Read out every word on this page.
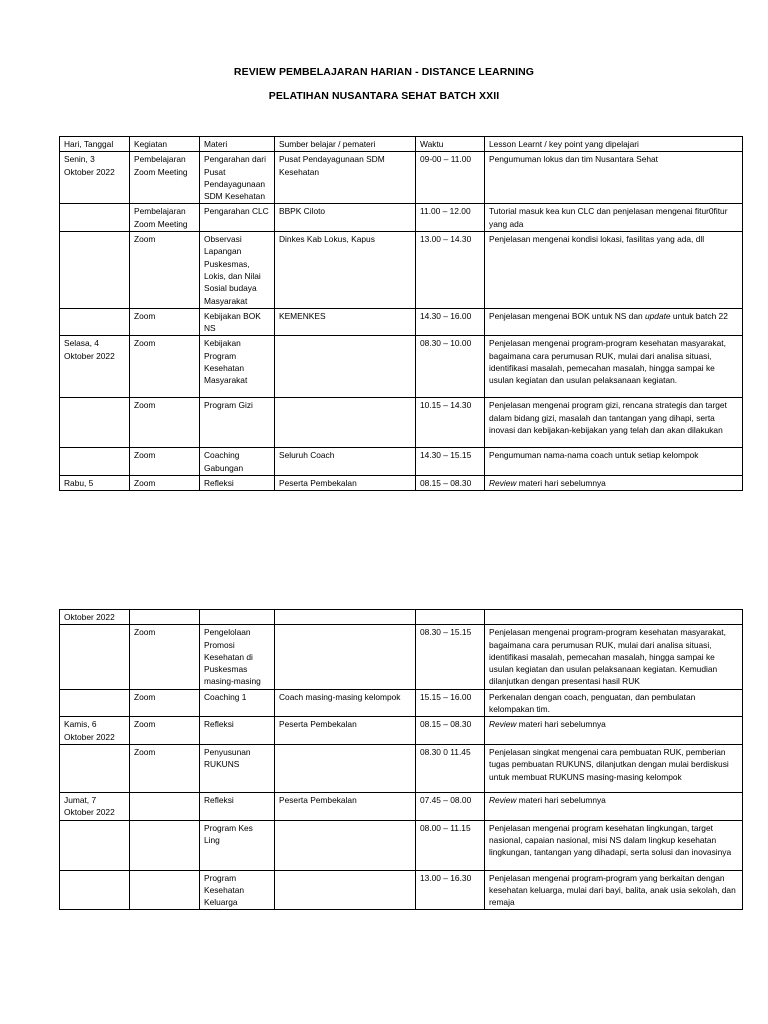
REVIEW PEMBELAJARAN HARIAN - DISTANCE LEARNING
PELATIHAN NUSANTARA SEHAT BATCH XXII
Hari, Tanggal	Kegiatan	Materi	Sumber belajar / pemateri	Waktu	Lesson Learnt / key point yang dipelajari
Senin, 3 Oktober 2022	Pembelajaran Zoom Meeting	Pengarahan dari Pusat Pendayagunaan SDM Kesehatan	Pusat Pendayagunaan SDM Kesehatan	09-00 – 11.00	Pengumuman lokus dan tim Nusantara Sehat
	Pembelajaran Zoom Meeting	Pengarahan CLC	BBPK Ciloto	11.00 – 12.00	Tutorial masuk kea kun CLC dan penjelasan mengenai fitur0fitur yang ada
	Zoom	Observasi Lapangan Puskesmas, Lokis, dan Nilai Sosial budaya Masyarakat	Dinkes Kab Lokus, Kapus	13.00 – 14.30	Penjelasan mengenai kondisi lokasi, fasilitas yang ada, dll
	Zoom	Kebijakan BOK NS	KEMENKES	14.30 – 16.00	Penjelasan mengenai BOK untuk NS dan update untuk batch 22
Selasa, 4 Oktober 2022	Zoom	Kebijakan Program Kesehatan Masyarakat		08.30 – 10.00	Penjelasan mengenai program-program kesehatan masyarakat, bagaimana cara perumusan RUK, mulai dari analisa situasi, identifikasi masalah, pemecahan masalah, hingga sampai ke usulan kegiatan dan usulan pelaksanaan kegiatan.
	Zoom	Program Gizi		10.15 – 14.30	Penjelasan mengenai program gizi, rencana strategis dan target dalam bidang gizi, masalah dan tantangan yang dihapi, serta inovasi dan kebijakan-kebijakan yang telah dan akan dilakukan
	Zoom	Coaching Gabungan	Seluruh Coach	14.30 – 15.15	Pengumuman nama-nama coach untuk setiap kelompok
Rabu, 5	Zoom	Refleksi	Peserta Pembekalan	08.15 – 08.30	Review materi hari sebelumnya
Oktober 2022					
	Zoom	Pengelolaan Promosi Kesehatan di Puskesmas masing-masing		08.30 – 15.15	Penjelasan mengenai program-program kesehatan masyarakat, bagaimana cara perumusan RUK, mulai dari analisa situasi, identifikasi masalah, pemecahan masalah, hingga sampai ke usulan kegiatan dan usulan pelaksanaan kegiatan. Kemudian dilanjutkan dengan presentasi hasil RUK
	Zoom	Coaching 1	Coach masing-masing kelompok	15.15 – 16.00	Perkenalan dengan coach, penguatan, dan pembulatan kelompakan tim.
Kamis, 6 Oktober 2022	Zoom	Refleksi	Peserta Pembekalan	08.15 – 08.30	Review materi hari sebelumnya
	Zoom	Penyusunan RUKUNS		08.30 0 11.45	Penjelasan singkat mengenai cara pembuatan RUK, pemberian tugas pembuatan RUKUNS, dilanjutkan dengan mulai berdiskusi untuk membuat RUKUNS masing-masing kelompok
Jumat, 7 Oktober 2022		Refleksi	Peserta Pembekalan	07.45 – 08.00	Review materi hari sebelumnya
		Program Kes Ling		08.00 – 11.15	Penjelasan mengenai program kesehatan lingkungan, target nasional, capaian nasional, misi NS dalam lingkup kesehatan lingkungan, tantangan yang dihadapi, serta solusi dan inovasinya
		Program Kesehatan Keluarga		13.00 – 16.30	Penjelasan mengenai program-program yang berkaitan dengan kesehatan keluarga, mulai dari bayi, balita, anak usia sekolah, dan remaja
